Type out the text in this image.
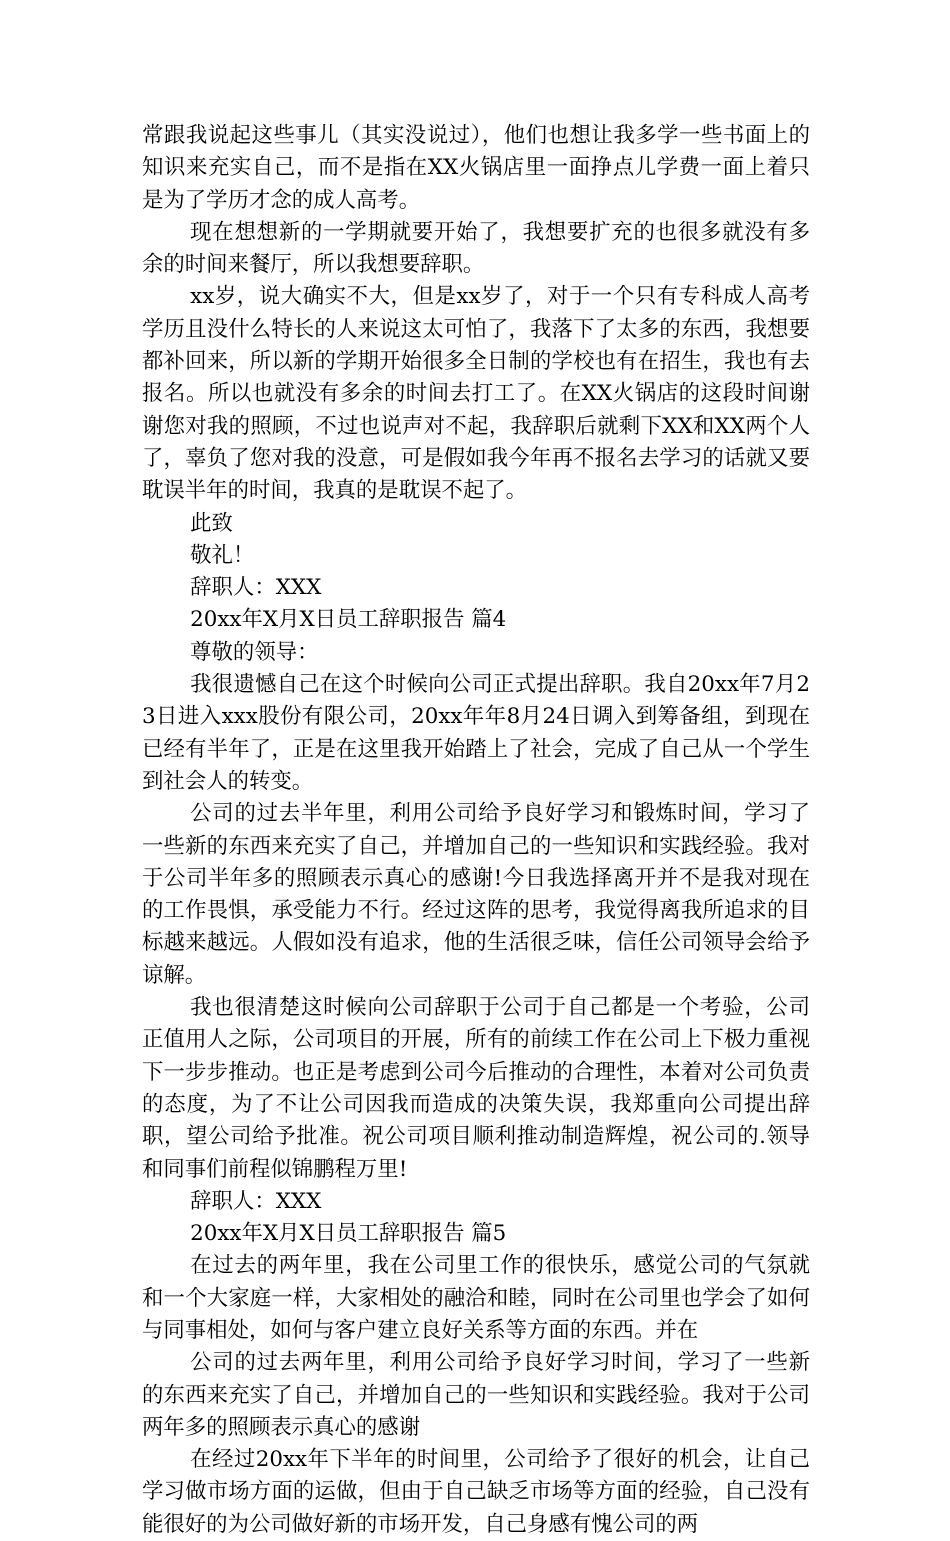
常跟我说起这些事儿（其实没说过），他们也想让我多学一些书面上的知识来充实自己，而不是指在XX火锅店里一面挣点儿学费一面上着只是为了学历才念的成人高考。

现在想想新的一学期就要开始了，我想要扩充的也很多就没有多余的时间来餐厅，所以我想要辞职。

xx岁，说大确实不大，但是xx岁了，对于一个只有专科成人高考学历且没什么特长的人来说这太可怕了，我落下了太多的东西，我想要都补回来，所以新的学期开始很多全日制的学校也有在招生，我也有去报名。所以也就没有多余的时间去打工了。在XX火锅店的这段时间谢谢您对我的照顾，不过也说声对不起，我辞职后就剩下XX和XX两个人了，辜负了您对我的没意，可是假如我今年再不报名去学习的话就又要耽误半年的时间，我真的是耽误不起了。

此致

敬礼！

辞职人：XXX

20xx年X月X日员工辞职报告 篇4

尊敬的领导：

我很遗憾自己在这个时候向公司正式提出辞职。我自20xx年7月23日进入xxx股份有限公司，20xx年年8月24日调入到筹备组，到现在已经有半年了，正是在这里我开始踏上了社会，完成了自己从一个学生到社会人的转变。

公司的过去半年里，利用公司给予良好学习和锻炼时间，学习了一些新的东西来充实了自己，并增加自己的一些知识和实践经验。我对于公司半年多的照顾表示真心的感谢!今日我选择离开并不是我对现在的工作畏惧，承受能力不行。经过这阵的思考，我觉得离我所追求的目标越来越远。人假如没有追求，他的生活很乏味，信任公司领导会给予谅解。

我也很清楚这时候向公司辞职于公司于自己都是一个考验，公司正值用人之际，公司项目的开展，所有的前续工作在公司上下极力重视下一步步推动。也正是考虑到公司今后推动的合理性，本着对公司负责的态度，为了不让公司因我而造成的决策失误，我郑重向公司提出辞职，望公司给予批准。祝公司项目顺利推动制造辉煌，祝公司的.领导和同事们前程似锦鹏程万里!

辞职人：XXX

20xx年X月X日员工辞职报告 篇5

在过去的两年里，我在公司里工作的很快乐，感觉公司的气氛就和一个大家庭一样，大家相处的融洽和睦，同时在公司里也学会了如何与同事相处，如何与客户建立良好关系等方面的东西。并在

公司的过去两年里，利用公司给予良好学习时间，学习了一些新的东西来充实了自己，并增加自己的一些知识和实践经验。我对于公司两年多的照顾表示真心的感谢

在经过20xx年下半年的时间里，公司给予了很好的机会，让自己学习做市场方面的运做，但由于自己缺乏市场等方面的经验，自己没有能很好的为公司做好新的市场开发，自己身感有愧公司的两
